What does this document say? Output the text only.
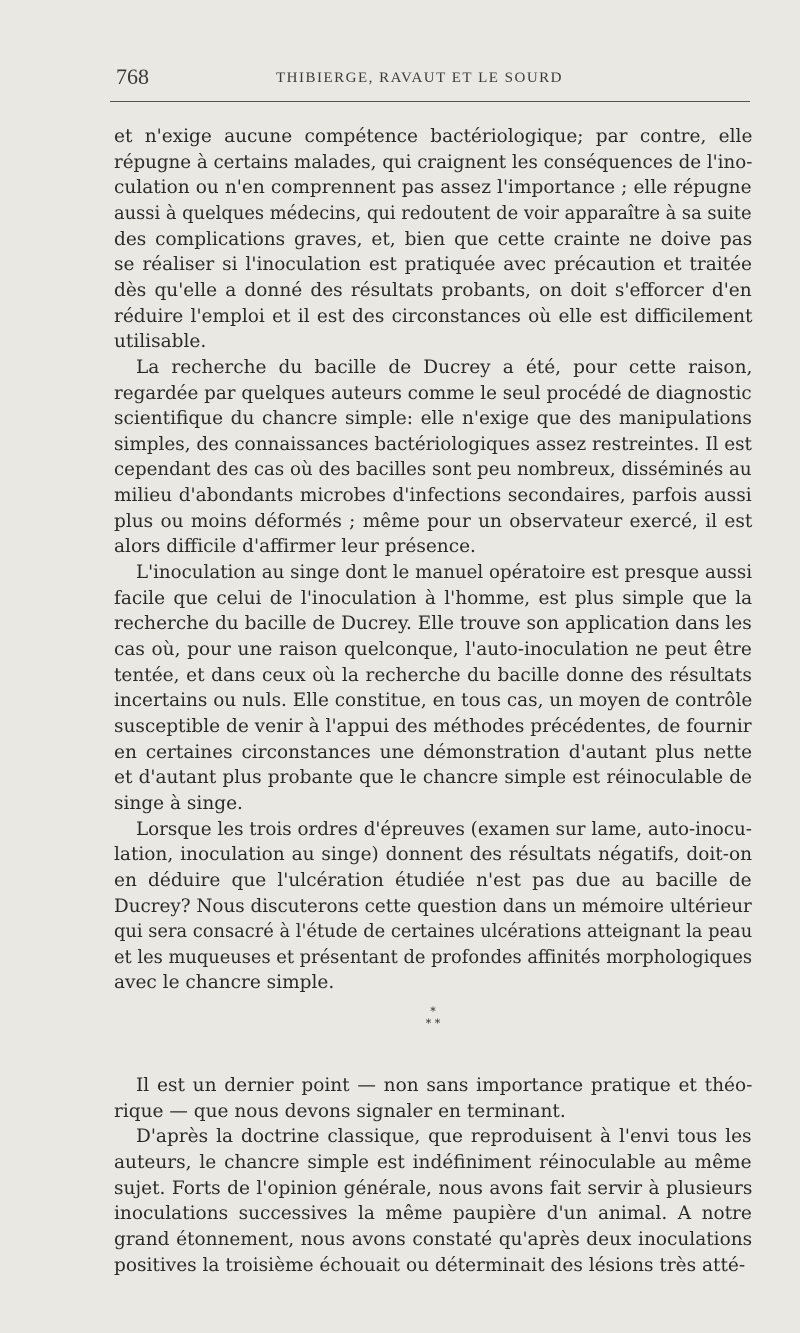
768	THIBIERGE, RAVAUT ET LE SOURD
*
* *
et n'exige aucune compétence bactériologique; par contre, elle
répugne à certains malades, qui craignent les conséquences de l'ino-
culation ou n'en comprennent pas assez l'importance ; elle répugne
aussi à quelques médecins, qui redoutent de voir apparaître à sa suite
des complications graves, et, bien que cette crainte ne doive pas
se réaliser si l'inoculation est pratiquée avec précaution et traitée
dès qu'elle a donné des résultats probants, on doit s'efforcer d'en
réduire l'emploi et il est des circonstances où elle est difficilement
utilisable.
La recherche du bacille de Ducrey a été, pour cette raison,
regardée par quelques auteurs comme le seul procédé de diagnostic
scientifique du chancre simple: elle n'exige que des manipulations
simples, des connaissances bactériologiques assez restreintes. Il est
cependant des cas où des bacilles sont peu nombreux, disséminés au
milieu d'abondants microbes d'infections secondaires, parfois aussi
plus ou moins déformés ; même pour un observateur exercé, il est
alors difficile d'affirmer leur présence.
L'inoculation au singe dont le manuel opératoire est presque aussi
facile que celui de l'inoculation à l'homme, est plus simple que la
recherche du bacille de Ducrey. Elle trouve son application dans les
cas où, pour une raison quelconque, l'auto-inoculation ne peut être
tentée, et dans ceux où la recherche du bacille donne des résultats
incertains ou nuls. Elle constitue, en tous cas, un moyen de contrôle
susceptible de venir à l'appui des méthodes précédentes, de fournir
en certaines circonstances une démonstration d'autant plus nette
et d'autant plus probante que le chancre simple est réinoculable de
singe à singe.
Lorsque les trois ordres d'épreuves (examen sur lame, auto-inocu-
lation, inoculation au singe) donnent des résultats négatifs, doit-on
en déduire que l'ulcération étudiée n'est pas due au bacille de
Ducrey? Nous discuterons cette question dans un mémoire ultérieur
qui sera consacré à l'étude de certaines ulcérations atteignant la peau
et les muqueuses et présentant de profondes affinités morphologiques
avec le chancre simple.
Il est un dernier point — non sans importance pratique et théo-
rique — que nous devons signaler en terminant.
D'après la doctrine classique, que reproduisent à l'envi tous les
auteurs, le chancre simple est indéfiniment réinoculable au même
sujet. Forts de l'opinion générale, nous avons fait servir à plusieurs
inoculations successives la même paupière d'un animal. A notre
grand étonnement, nous avons constaté qu'après deux inoculations
positives la troisième échouait ou déterminait des lésions très atté-
